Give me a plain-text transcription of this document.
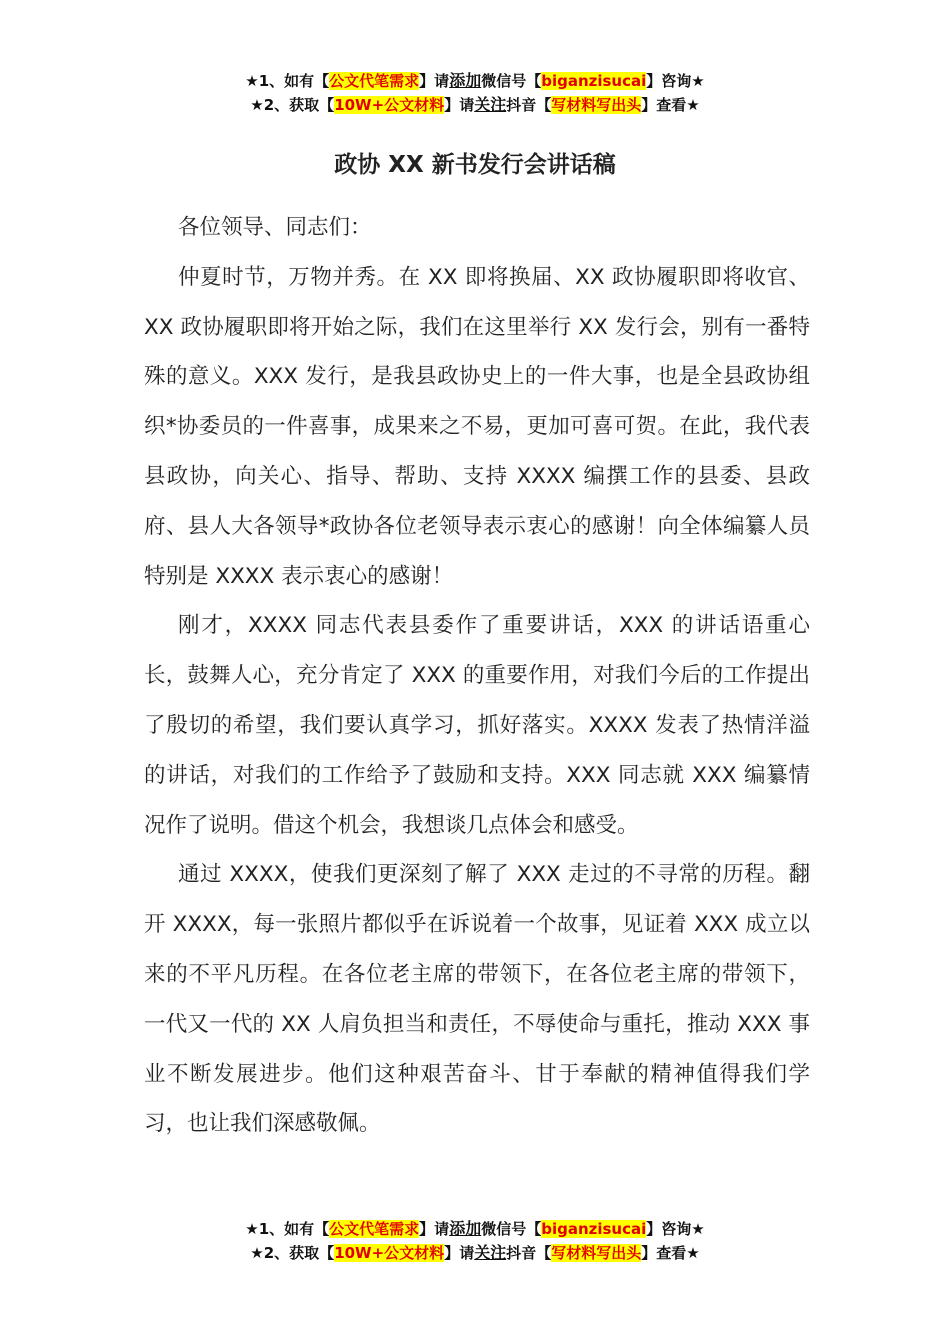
★1、如有【公文代笔需求】请添加微信号【biganzisucai】咨询★
★2、获取【10W+公文材料】请关注抖音【写材料写出头】查看★
政协 XX 新书发行会讲话稿

各位领导、同志们：

仲夏时节，万物并秀。在 XX 即将换届、XX 政协履职即将收官、XX 政协履职即将开始之际，我们在这里举行 XX 发行会，别有一番特殊的意义。XXX 发行，是我县政协史上的一件大事，也是全县政协组织*协委员的一件喜事，成果来之不易，更加可喜可贺。在此，我代表县政协，向关心、指导、帮助、支持 XXXX 编撰工作的县委、县政府、县人大各领导*政协各位老领导表示衷心的感谢！向全体编纂人员特别是 XXXX 表示衷心的感谢！

刚才，XXXX 同志代表县委作了重要讲话，XXX 的讲话语重心长，鼓舞人心，充分肯定了 XXX 的重要作用，对我们今后的工作提出了殷切的希望，我们要认真学习，抓好落实。XXXX 发表了热情洋溢的讲话，对我们的工作给予了鼓励和支持。XXX 同志就 XXX 编纂情况作了说明。借这个机会，我想谈几点体会和感受。

通过 XXXX，使我们更深刻了解了 XXX 走过的不寻常的历程。翻开 XXXX，每一张照片都似乎在诉说着一个故事，见证着 XXX 成立以来的不平凡历程。在各位老主席的带领下，在各位老主席的带领下，一代又一代的 XX 人肩负担当和责任，不辱使命与重托，推动 XXX 事业不断发展进步。他们这种艰苦奋斗、甘于奉献的精神值得我们学习，也让我们深感敬佩。

★1、如有【公文代笔需求】请添加微信号【biganzisucai】咨询★
★2、获取【10W+公文材料】请关注抖音【写材料写出头】查看★
